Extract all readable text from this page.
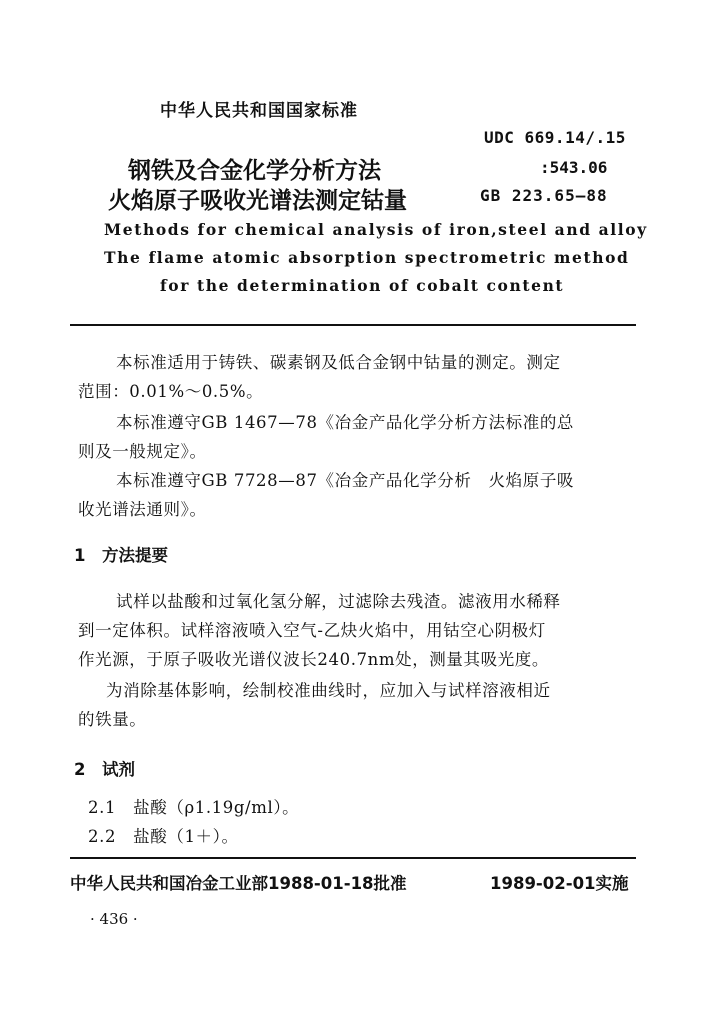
中华人民共和国国家标准
UDC 669.14/.15
钢铁及合金化学分析方法	:543.06
火焰原子吸收光谱法测定钴量	GB 223.65—88
Methods for chemical analysis of iron,steel and alloy
The flame atomic absorption spectrometric method
for the determination of cobalt content
本标准适用于铸铁、碳素钢及低合金钢中钴量的测定。测定
范围：0.01%～0.5%。
本标准遵守GB 1467—78《冶金产品化学分析方法标准的总
则及一般规定》。
本标准遵守GB 7728—87《冶金产品化学分析　火焰原子吸
收光谱法通则》。
1　方法提要
试样以盐酸和过氧化氢分解，过滤除去残渣。滤液用水稀释
到一定体积。试样溶液喷入空气-乙炔火焰中，用钴空心阴极灯
作光源，于原子吸收光谱仪波长240.7nm处，测量其吸光度。
为消除基体影响，绘制校准曲线时，应加入与试样溶液相近
的铁量。
2　试剂
2.1　盐酸（ρ1.19g/ml）。
2.2　盐酸（1＋）。
中华人民共和国冶金工业部1988-01-18批准	1989-02-01实施
· 436 ·
